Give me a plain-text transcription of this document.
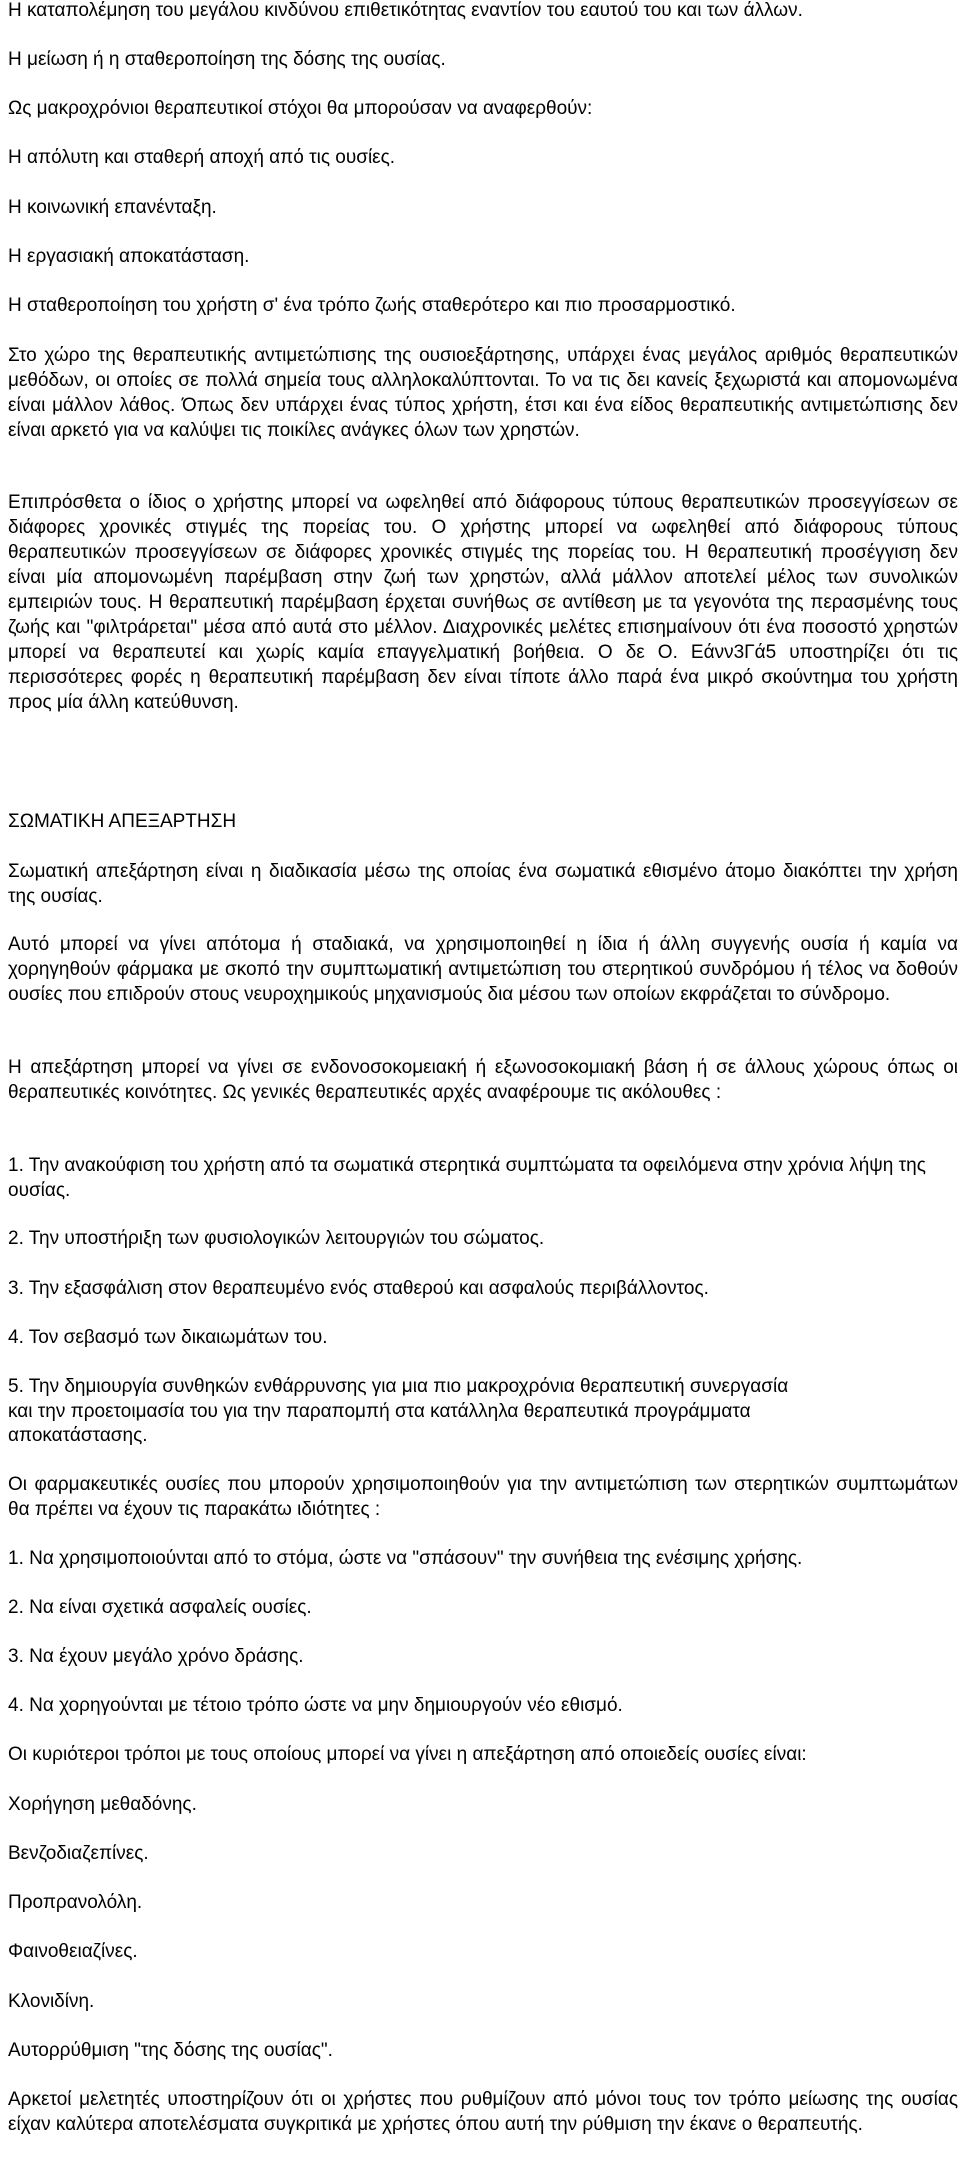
Η καταπολέμηση του μεγάλου κινδύνου επιθετικότητας εναντίον του εαυτού του και των άλλων.
Η μείωση ή η σταθεροποίηση της δόσης της ουσίας.
Ως μακροχρόνιοι θεραπευτικοί στόχοι θα μπορούσαν να αναφερθούν:
Η απόλυτη και σταθερή αποχή από τις ουσίες.
Η κοινωνική επανένταξη.
Η εργασιακή αποκατάσταση.
Η σταθεροποίηση του χρήστη σ' ένα τρόπο ζωής σταθερότερο και πιο προσαρμοστικό.
Στο χώρο της θεραπευτικής αντιμετώπισης της ουσιοεξάρτησης, υπάρχει ένας μεγάλος αριθμός θεραπευτικών μεθόδων, οι οποίες σε πολλά σημεία τους αλληλοκαλύπτονται. Το να τις δει κανείς ξεχωριστά και απομονωμένα είναι μάλλον λάθος. Όπως δεν υπάρχει ένας τύπος χρήστη, έτσι και ένα είδος θεραπευτικής αντιμετώπισης δεν είναι αρκετό για να καλύψει τις ποικίλες ανάγκες όλων των χρηστών.
Επιπρόσθετα ο ίδιος ο χρήστης μπορεί να ωφεληθεί από διάφορους τύπους θεραπευτικών προσεγγίσεων σε διάφορες χρονικές στιγμές της πορείας του. Ο χρήστης μπορεί να ωφεληθεί από διάφορους τύπους θεραπευτικών προσεγγίσεων σε διάφορες χρονικές στιγμές της πορείας του. Η θεραπευτική προσέγγιση δεν είναι μία απομονωμένη παρέμβαση στην ζωή των χρηστών, αλλά μάλλον αποτελεί μέλος των συνολικών εμπειριών τους. Η θεραπευτική παρέμβαση έρχεται συνήθως σε αντίθεση με τα γεγονότα της περασμένης τους ζωής και "φιλτράρεται" μέσα από αυτά στο μέλλον. Διαχρονικές μελέτες επισημαίνουν ότι ένα ποσοστό χρηστών μπορεί να θεραπευτεί και χωρίς καμία επαγγελματική βοήθεια. Ο δε Ο. Εάνν3Γά5 υποστηρίζει ότι τις περισσότερες φορές η θεραπευτική παρέμβαση δεν είναι τίποτε άλλο παρά ένα μικρό σκούντημα του χρήστη προς μία άλλη κατεύθυνση.
ΣΩΜΑΤΙΚΗ ΑΠΕΞΑΡΤΗΣΗ
Σωματική απεξάρτηση είναι η διαδικασία μέσω της οποίας ένα σωματικά εθισμένο άτομο διακόπτει την χρήση της ουσίας.
Αυτό μπορεί να γίνει απότομα ή σταδιακά, να χρησιμοποιηθεί η ίδια ή άλλη συγγενής ουσία ή καμία να χορηγηθούν φάρμακα με σκοπό την συμπτωματική αντιμετώπιση του στερητικού συνδρόμου ή τέλος να δοθούν ουσίες που επιδρούν στους νευροχημικούς μηχανισμούς δια μέσου των οποίων εκφράζεται το σύνδρομο.
Η απεξάρτηση μπορεί να γίνει σε ενδονοσοκομειακή ή εξωνοσοκομιακή βάση ή σε άλλους χώρους όπως οι θεραπευτικές κοινότητες. Ως γενικές θεραπευτικές αρχές αναφέρουμε τις ακόλουθες :
1. Την ανακούφιση του χρήστη από τα σωματικά στερητικά συμπτώματα τα οφειλόμενα στην χρόνια λήψη της ουσίας.
2. Την υποστήριξη των φυσιολογικών λειτουργιών του σώματος.
3. Την εξασφάλιση στον θεραπευμένο ενός σταθερού και ασφαλούς περιβάλλοντος.
4. Τον σεβασμό των δικαιωμάτων του.
5. Την δημιουργία συνθηκών ενθάρρυνσης για μια πιο μακροχρόνια θεραπευτική συνεργασία
και την προετοιμασία του για την παραπομπή στα κατάλληλα θεραπευτικά προγράμματα
αποκατάστασης.
Οι φαρμακευτικές ουσίες που μπορούν χρησιμοποιηθούν για την αντιμετώπιση των στερητικών συμπτωμάτων θα πρέπει να έχουν τις παρακάτω ιδιότητες :
1. Να χρησιμοποιούνται από το στόμα, ώστε να "σπάσουν" την συνήθεια της ενέσιμης χρήσης.
2. Να είναι σχετικά ασφαλείς ουσίες.
3. Να έχουν μεγάλο χρόνο δράσης.
4. Να χορηγούνται με τέτοιο τρόπο ώστε να μην δημιουργούν νέο εθισμό.
Οι κυριότεροι τρόποι με τους οποίους μπορεί να γίνει η απεξάρτηση από οποιεδείς ουσίες είναι:
Χορήγηση μεθαδόνης.
Βενζοδιαζεπίνες.
Προπρανολόλη.
Φαινοθειαζίνες.
Κλονιδίνη.
Αυτορρύθμιση "της δόσης της ουσίας".
Αρκετοί μελετητές υποστηρίζουν ότι οι χρήστες που ρυθμίζουν από μόνοι τους τον τρόπο μείωσης της ουσίας είχαν καλύτερα αποτελέσματα συγκριτικά με χρήστες όπου αυτή την ρύθμιση την έκανε ο θεραπευτής.
